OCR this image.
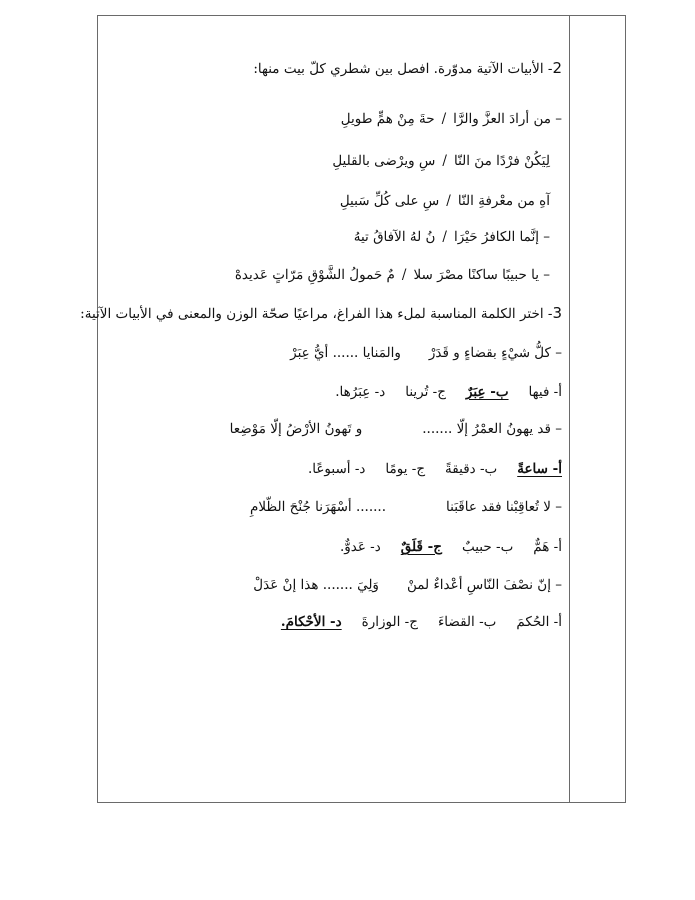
2- الأبيات الآتية مدوّرة. افصل بين شطري كلّ بيت منها:
– من أرادَ العزَّ والرَّا/حةَ مِنْ همٍّ طويلِ
لِيَكُنْ فرْدًا منَ النّا/سِ ويرْضى بالقليلِ
آهِ من معْرفةِ النّا/سِ على كُلِّ سَبيلِ
– إنَّما الكافرُ حَيْرَا/نُ لهُ الآفاقُ تيهُ
– يا حبيبًا ساكنًا مصْرَ سلا/مٌ حَمولُ الشَّوْقِ مَرّاتٍ عَديدهْ
3- اختر الكلمة المناسبة لملء هذا الفراغ، مراعيًا صحّة الوزن والمعنى في الأبيات الآتية:
– كلُّ شيْءٍ بقضاءٍ و قَدَرْوالمَنايا ...... أيُّ عِبَرْ
أ- فيهاب- عِبَرٌج- تُريناد- عِبَرُها.
– قد يهونُ العمْرُ إلّا .......و تَهونُ الأرْضُ إلّا مَوْضِعا
أ- ساعةًب- دقيقةًج- يومًاد- أسبوعًا.
– لا تُعاقِبْنا فقد عاقَبَنا....... أسْهَرَنا جُنْحَ الظّلامِ
أ- هَمٌّب- حبيبٌج- قَلَقٌد- عَدوٌّ.
– إنّ نصْفَ النّاسِ أعْداءٌ لمنْوَلِيَ ....... هذا إنْ عَدَلْ
أ- الحُكمَب- القضاءَج- الوزارةَد- الأحْكامَ.
